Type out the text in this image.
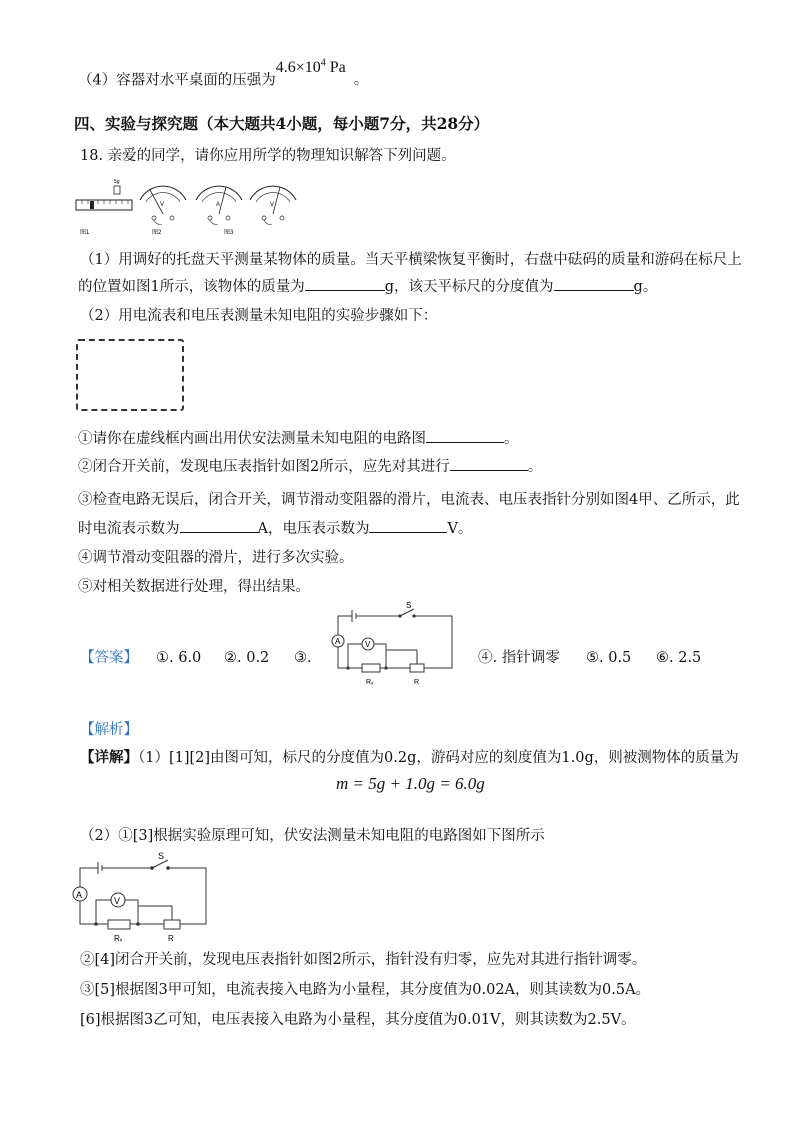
（4）容器对水平桌面的压强为$4.6\times 10^4$ Pa。
四、实验与探究题（本大题共4小题，每小题7分，共28分）
18. 亲爱的同学，请你应用所学的物理知识解答下列问题。
5g
V	A	V
图1	图2	图3
（1）用调好的托盘天平测量某物体的质量。当天平横梁恢复平衡时，右盘中砝码的质量和游码在标尺上
的位置如图1所示，该物体的质量为	g，该天平标尺的分度值为	g。
（2）用电流表和电压表测量未知电阻的实验步骤如下：
①请你在虚线框内画出用伏安法测量未知电阻的电路图	。
②闭合开关前，发现电压表指针如图2所示，应先对其进行	。
③检查电路无误后，闭合开关，调节滑动变阻器的滑片，电流表、电压表指针分别如图4甲、乙所示，此
时电流表示数为	A，电压表示数为	V。
④调节滑动变阻器的滑片，进行多次实验。
⑤对相关数据进行处理，得出结果。
【答案】 ①. 6.0 ②. 0.2 ③.
A	V
S
Rₓ	R
④. 指针调零 ⑤. 0.5 ⑥. 2.5
【解析】
【详解】（1）[1][2]由图可知，标尺的分度值为0.2g，游码对应的刻度值为1.0g，则被测物体的质量为
m = 5g + 1.0g = 6.0g
（2）①[3]根据实验原理可知，伏安法测量未知电阻的电路图如下图所示
A
V
S
Rₓ	R
②[4]闭合开关前，发现电压表指针如图2所示，指针没有归零，应先对其进行指针调零。
③[5]根据图3甲可知，电流表接入电路为小量程，其分度值为0.02A，则其读数为0.5A。
[6]根据图3乙可知，电压表接入电路为小量程，其分度值为0.01V，则其读数为2.5V。
